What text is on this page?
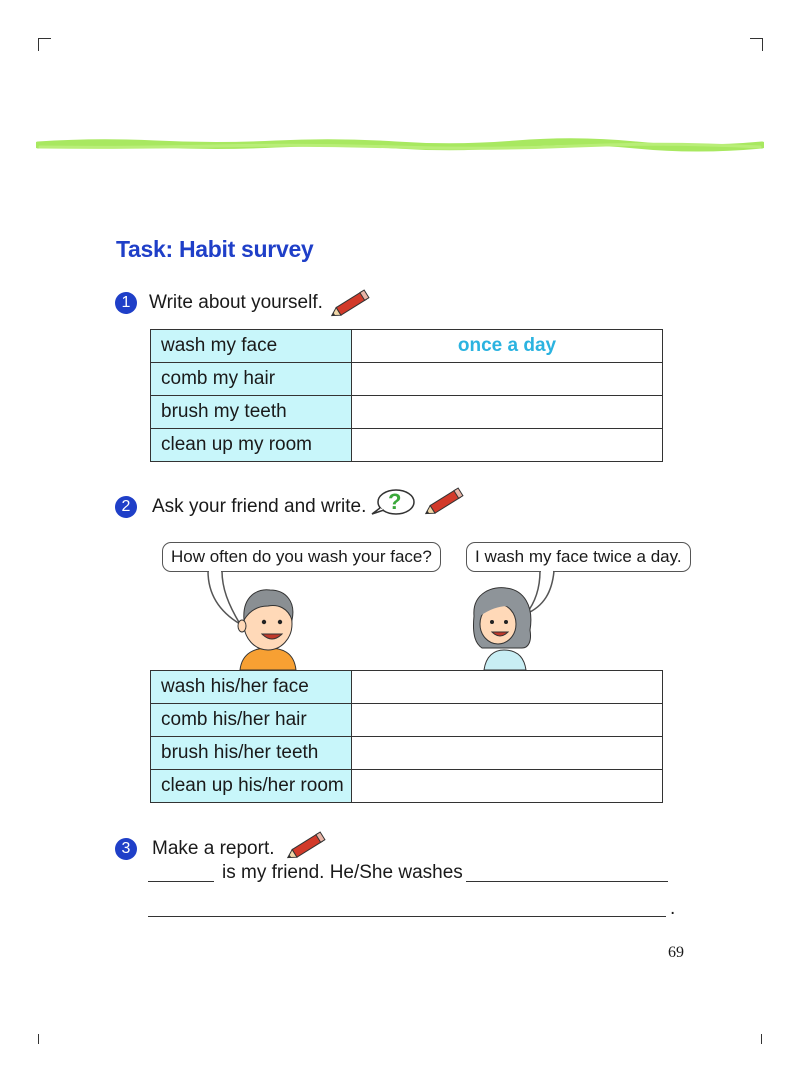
Task: Habit survey
1 Write about yourself.
wash my face	once a day
comb my hair	
brush my teeth	
clean up my room	
2	Ask your friend and write. ?
How often do you wash your face?	I wash my face twice a day.
wash his/her face	
comb his/her hair	
brush his/her teeth	
clean up his/her room	
3	Make a report.
is my friend. He/She washes
.
69
